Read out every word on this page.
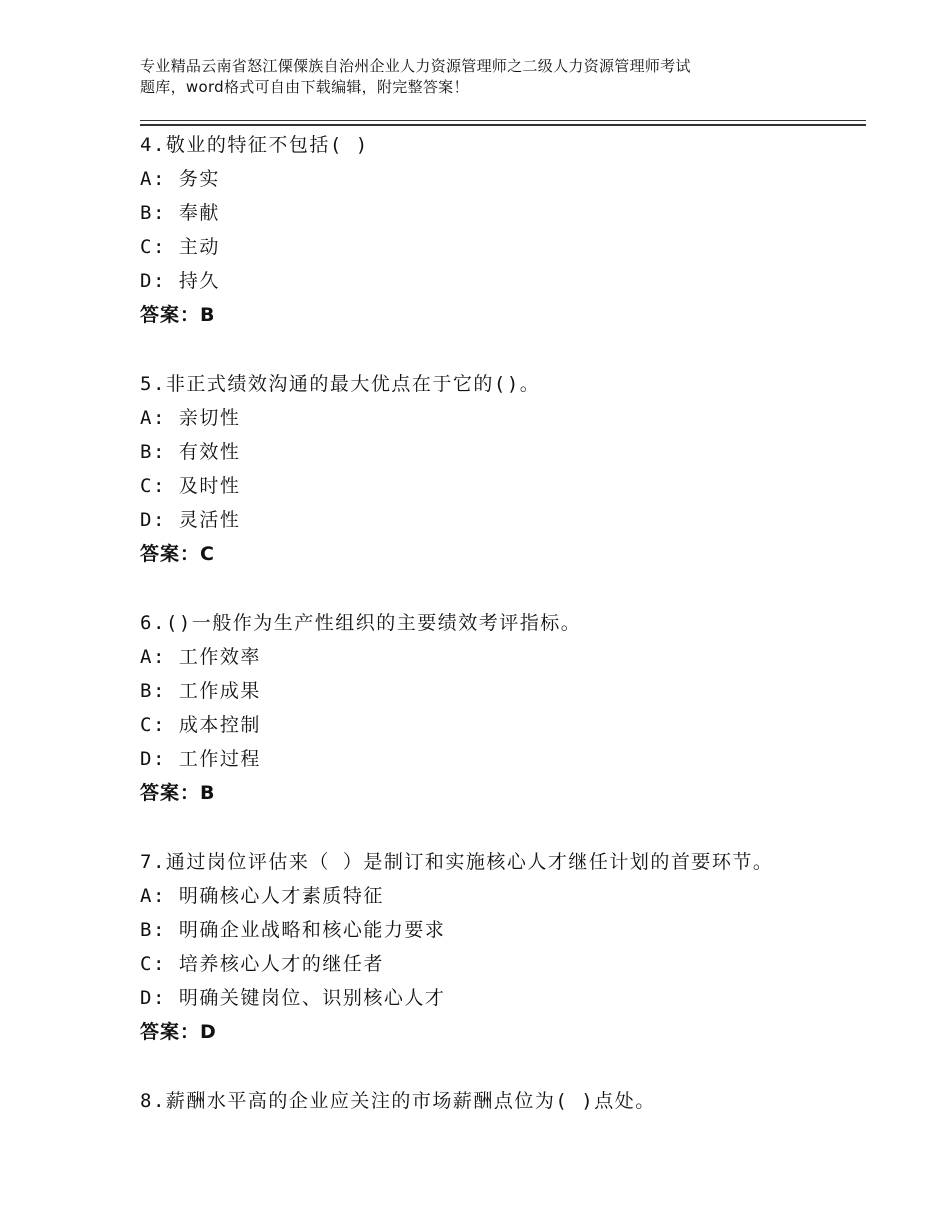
专业精品云南省怒江傈僳族自治州企业人力资源管理师之二级人力资源管理师考试
题库，word格式可自由下载编辑，附完整答案！
4.敬业的特征不包括( )
A: 务实
B: 奉献
C: 主动
D: 持久
答案：B
5.非正式绩效沟通的最大优点在于它的()。
A: 亲切性
B: 有效性
C: 及时性
D: 灵活性
答案：C
6.()一般作为生产性组织的主要绩效考评指标。
A: 工作效率
B: 工作成果
C: 成本控制
D: 工作过程
答案：B
7.通过岗位评估来（ ）是制订和实施核心人才继任计划的首要环节。
A: 明确核心人才素质特征
B: 明确企业战略和核心能力要求
C: 培养核心人才的继任者
D: 明确关键岗位、识别核心人才
答案：D
8.薪酬水平高的企业应关注的市场薪酬点位为( )点处。
